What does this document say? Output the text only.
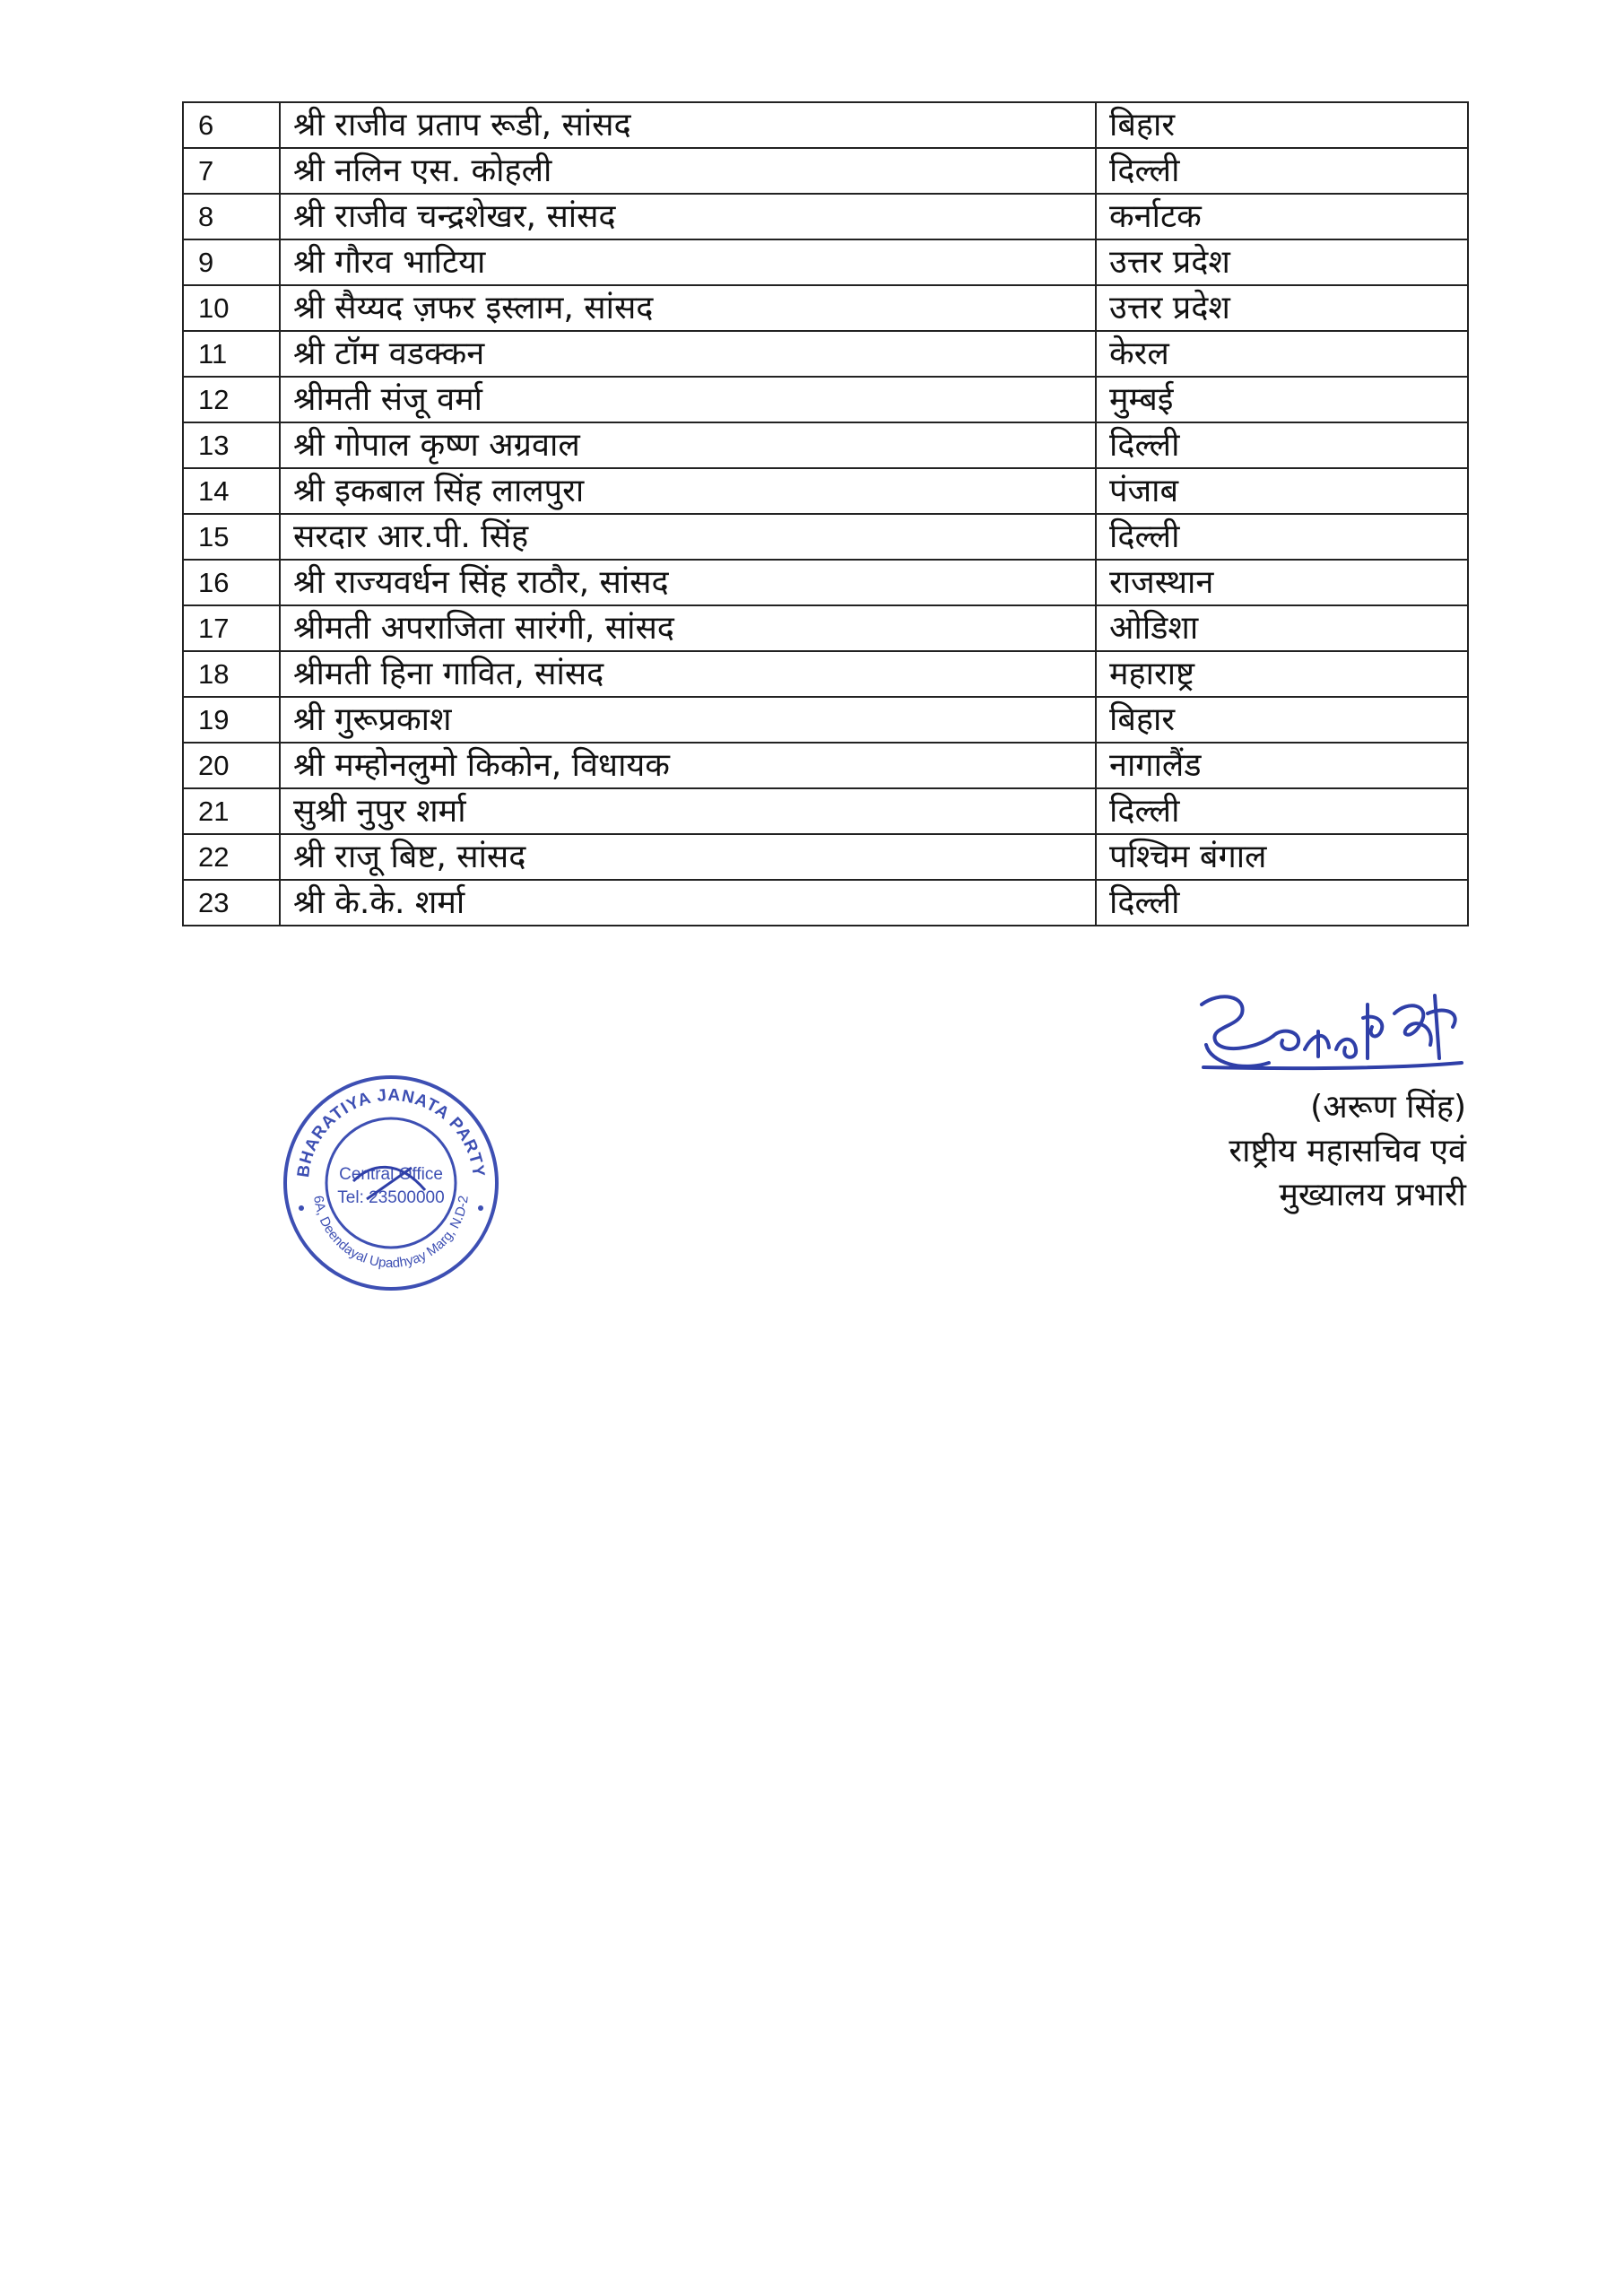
6	श्री राजीव प्रताप रूडी, सांसद	बिहार
7	श्री नलिन एस. कोहली	दिल्ली
8	श्री राजीव चन्द्रशेखर, सांसद	कर्नाटक
9	श्री गौरव भाटिया	उत्तर प्रदेश
10	श्री सैय्यद ज़फर इस्लाम, सांसद	उत्तर प्रदेश
11	श्री टॉम वडक्कन	केरल
12	श्रीमती संजू वर्मा	मुम्बई
13	श्री गोपाल कृष्ण अग्रवाल	दिल्ली
14	श्री इकबाल सिंह लालपुरा	पंजाब
15	सरदार आर.पी. सिंह	दिल्ली
16	श्री राज्यवर्धन सिंह राठौर, सांसद	राजस्थान
17	श्रीमती अपराजिता सारंगी, सांसद	ओडिशा
18	श्रीमती हिना गावित, सांसद	महाराष्ट्र
19	श्री गुरूप्रकाश	बिहार
20	श्री मम्होनलुमो किकोन, विधायक	नागालैंड
21	सुश्री नुपुर शर्मा	दिल्ली
22	श्री राजू बिष्ट, सांसद	पश्चिम बंगाल
23	श्री के.के. शर्मा	दिल्ली
(अरूण सिंह)
राष्ट्रीय महासचिव एवं
मुख्यालय प्रभारी
BHARATIYA JANATA PARTY
6A, Deendayal Upadhyay Marg, N.D-2
Central Office
Tel: 23500000
